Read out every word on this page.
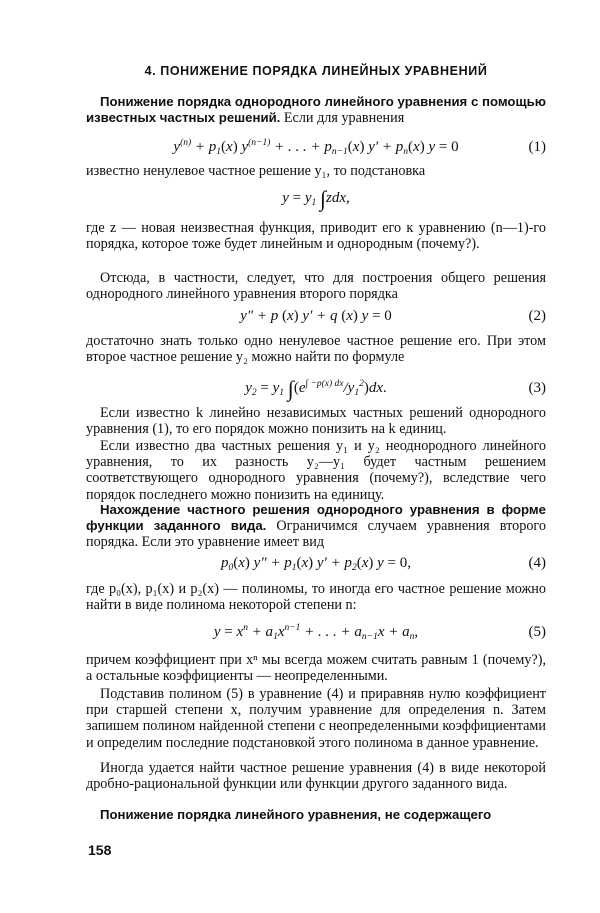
4. ПОНИЖЕНИЕ ПОРЯДКА ЛИНЕЙНЫХ УРАВНЕНИЙ

Понижение порядка однородного линейного уравнения с помощью известных частных решений. Если для уравнения

$y^{(n)} + p_1(x) y^{(n-1)}$ + . . . + $p_{n-1}(x) y' + p_n(x) y = 0$	(1)

известно ненулевое частное решение y₁, то подстановка

$y = y_1$ ∫zdx,

где z — новая неизвестная функция, приводит его к уравнению (n—1)-го порядка, которое тоже будет линейным и однородным (почему?).

Отсюда, в частности, следует, что для построения общего решения однородного линейного уравнения второго порядка

y″ + p (x) y′ + q (x) y = 0	(2)

достаточно знать только одно ненулевое частное решение его. При этом второе частное решение y₂ можно найти по формуле

$y_2 = y_1$ $\int(e^{\int -p(x) dx}/y_1^2)dx$.	(3)

Если известно k линейно независимых частных решений однородного уравнения (1), то его порядок можно понизить на k единиц.

Если известно два частных решения y₁ и y₂ неоднородного линейного уравнения, то их разность y₂—y₁ будет частным решением соответствующего однородного уравнения (почему?), вследствие чего порядок последнего можно понизить на единицу.

Нахождение частного решения однородного уравнения в форме функции заданного вида. Ограничимся случаем уравнения второго порядка. Если это уравнение имеет вид

$p_0(x) y'' + p_1(x) y' + p_2(x) y = 0$,	(4)

где p₀(x), p₁(x) и p₂(x) — полиномы, то иногда его частное решение можно найти в виде полинома некоторой степени n:

$y = x^n + a_1x^{n-1}$ + . . . + $a_{n-1}x + a_n$,	(5)

причем коэффициент при xⁿ мы всегда можем считать равным 1 (почему?), а остальные коэффициенты — неопределенными.

Подставив полином (5) в уравнение (4) и приравняв нулю коэффициент при старшей степени x, получим уравнение для определения n. Затем запишем полином найденной степени с неопределенными коэффициентами и определим последние подстановкой этого полинома в данное уравнение.

Иногда удается найти частное решение уравнения (4) в виде некоторой дробно-рациональной функции или функции другого заданного вида.

Понижение порядка линейного уравнения, не содержащего

158
